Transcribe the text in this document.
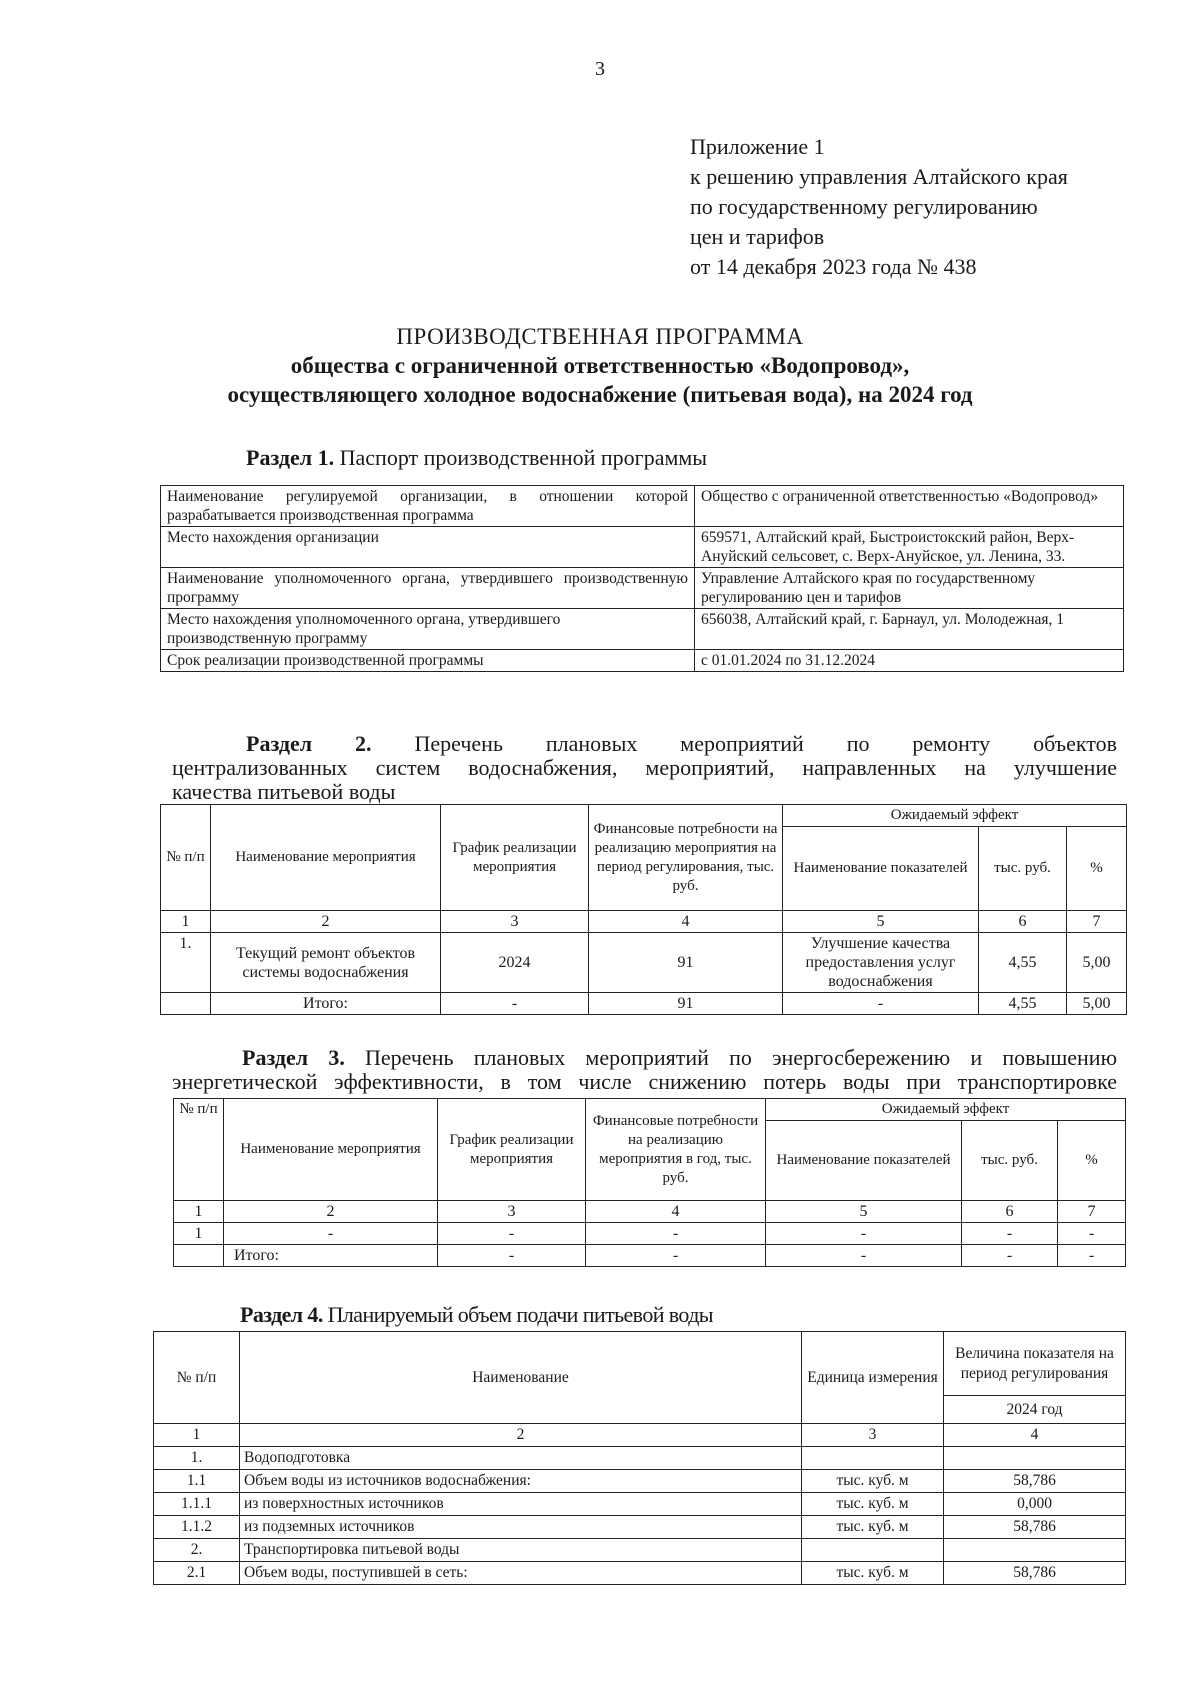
3
Приложение 1
к решению управления Алтайского края
по государственному регулированию
цен и тарифов
от 14 декабря 2023 года № 438
ПРОИЗВОДСТВЕННАЯ ПРОГРАММА
общества с ограниченной ответственностью «Водопровод»,
осуществляющего холодное водоснабжение (питьевая вода), на 2024 год
Раздел 1. Паспорт производственной программы
Наименование регулируемой организации, в отношении которой разрабатывается производственная программа	Общество с ограниченной ответственностью «Водопровод»
Место нахождения организации	659571, Алтайский край, Быстроистокский район, Верх-Ануйский сельсовет, с. Верх-Ануйское, ул. Ленина, 33.
Наименование уполномоченного органа, утвердившего производственную программу	Управление Алтайского края по государственному регулированию цен и тарифов
Место нахождения уполномоченного органа, утвердившего производственную программу	656038, Алтайский край, г. Барнаул, ул. Молодежная, 1
Срок реализации производственной программы	с 01.01.2024 по 31.12.2024
Раздел 2. Перечень плановых мероприятий по ремонту объектов
централизованных систем водоснабжения, мероприятий, направленных на улучшение
качества питьевой воды
№ п/п	Наименование мероприятия	График реализации мероприятия	Финансовые потребности на реализацию мероприятия на период регулирования, тыс. руб.	Ожидаемый эффект		
				Наименование показателей	тыс. руб.	%
1	2	3	4	5	6	7
1.	Текущий ремонт объектов системы водоснабжения	2024	91	Улучшение качества предоставления услуг водоснабжения	4,55	5,00
	Итого:	-	91	-	4,55	5,00
Раздел 3. Перечень плановых мероприятий по энергосбережению и повышению
энергетической эффективности, в том числе снижению потерь воды при транспортировке
№ п/п	Наименование мероприятия	График реализации мероприятия	Финансовые потребности на реализацию мероприятия в год, тыс. руб.	Ожидаемый эффект		
				Наименование показателей	тыс. руб.	%
1	2	3	4	5	6	7
1	-	-	-	-	-	-
	Итого:	-	-	-	-	-
Раздел 4. Планируемый объем подачи питьевой воды
№ п/п	Наименование	Единица измерения	Величина показателя на период регулирования
			2024 год
1	2	3	4
1.	Водоподготовка		
1.1	Объем воды из источников водоснабжения:	тыс. куб. м	58,786
1.1.1	из поверхностных источников	тыс. куб. м	0,000
1.1.2	из подземных источников	тыс. куб. м	58,786
2.	Транспортировка питьевой воды		
2.1	Объем воды, поступившей в сеть:	тыс. куб. м	58,786
